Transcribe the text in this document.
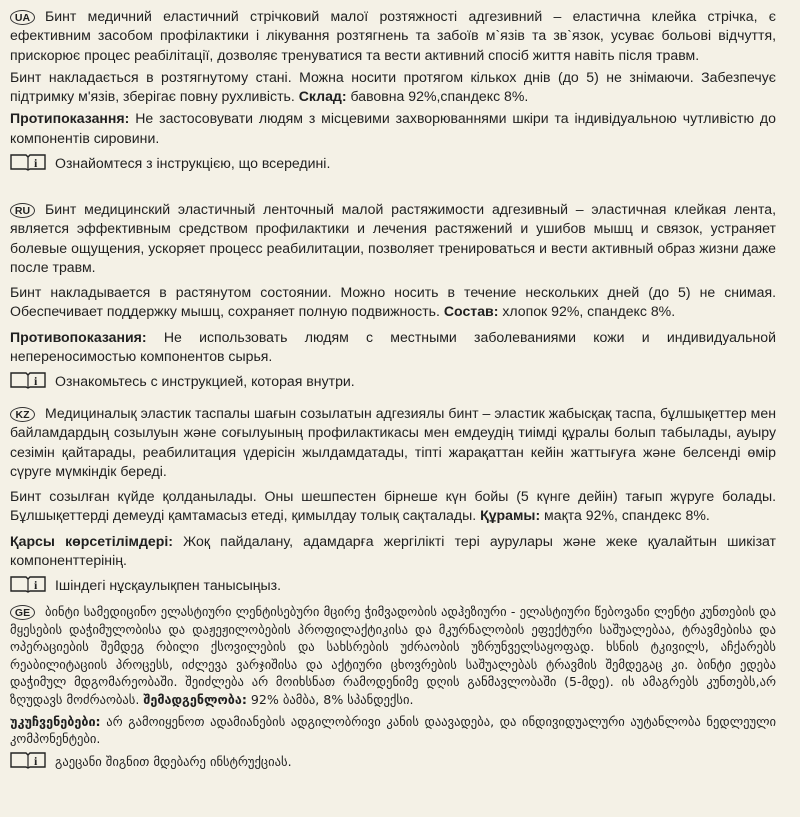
UA Бинт медичний еластичний стрічковий малої розтяжності адгезивний – еластична клейка стрічка, є ефективним засобом профілактики і лікування розтягнень та забоїв м`язів та зв`язок, усуває больові відчуття, прискорює процес реабілітації, дозволяє тренуватися та вести активний спосіб життя навіть після травм.

Бинт накладається в розтягнутому стані. Можна носити протягом кількох днів (до 5) не знімаючи. Забезпечує підтримку м'язів, зберігає повну рухливість. Склад: бавовна 92%,спандекс 8%.

Протипоказання: Не застосовувати людям з місцевими захворюваннями шкіри та індивідуальною чутливістю до компонентів сировини.

i Ознайомтеся з інструкцією, що всередині.

RU Бинт медицинский эластичный ленточный малой растяжимости адгезивный – эластичная клейкая лента, является эффективным средством профилактики и лечения растяжений и ушибов мышц и связок, устраняет болевые ощущения, ускоряет процесс реабилитации, позволяет тренироваться и вести активный образ жизни даже после травм.

Бинт накладывается в растянутом состоянии. Можно носить в течение нескольких дней (до 5) не снимая. Обеспечивает поддержку мышц, сохраняет полную подвижность. Состав: хлопок 92%, спандекс 8%.

Противопоказания: Не использовать людям с местными заболеваниями кожи и индивидуальной непереносимостью компонентов сырья.

i Ознакомьтесь с инструкцией, которая внутри.

KZ Медициналық эластик таспалы шағын созылатын адгезиялы бинт – эластик жабысқақ таспа, бұлшықеттер мен байламдардың созылуын және соғылуының профилактикасы мен емдеудің тиімді құралы болып табылады, ауыру сезімін қайтарады, реабилитация үдерісін жылдамдатады, тіпті жарақаттан кейін жаттығуға және белсенді өмір сүруге мүмкіндік береді.

Бинт созылған күйде қолданылады. Оны шешпестен бірнеше күн бойы (5 күнге дейін) тағып жүруге болады. Бұлшықеттерді демеуді қамтамасыз етеді, қимылдау толық сақталады. Құрамы: мақта 92%, спандекс 8%.

Қарсы көрсетілімдері: Жоқ пайдалану, адамдарға жергілікті тері аурулары және жеке қуалайтын шикізат компоненттерінің.

i Ішіндегі нұсқаулықпен танысыңыз.

GE ბინტი სამედიცინო ელასტიური ლენტისებური მცირე ჭიმვადობის ადჰეზიური - ელასტიური წებოვანი ლენტი კუნთების და მყესების დაჭიმულობისა და დაჟეჟილობების პროფილაქტიკისა და მკურნალობის ეფექტური საშუალებაა, ტრავმებისა და ოპერაციების შემდეგ რბილი ქსოვილების და სახსრების უძრაობის უზრუნველსაყოფად. ხსნის ტკივილს, აჩქარებს რეაბილიტაციის პროცესს, იძლევა ვარჯიშისა და აქტიური ცხოვრების საშუალებას ტრავმის შემდეგაც კი. ბინტი ედება დაჭიმულ მდგომარეობაში. შეიძლება არ მოიხსნათ რამოდენიმე დღის განმავლობაში (5-მდე). ის ამაგრებს კუნთებს,არ ზღუდავს მოძრაობას. შემადგენლობა: 92% ბამბა, 8% სპანდექსი.

უკუჩვენებები: არ გამოიყენოთ ადამიანების ადგილობრივი კანის დაავადება, და ინდივიდუალური აუტანლობა ნედლეული კომპონენტები.

i გაეცანი შიგნით მდებარე ინსტრუქციას.
